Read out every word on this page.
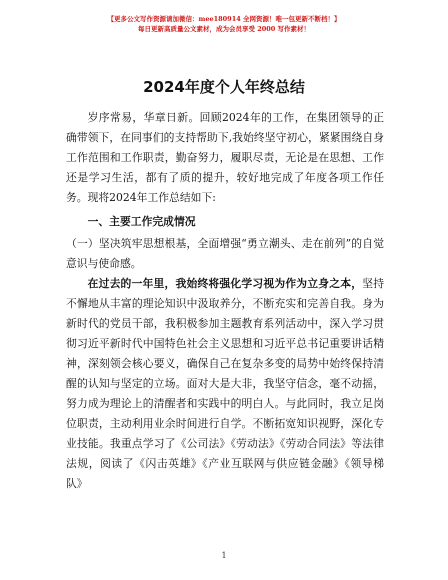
【更多公文写作资源请加微信：mee180914 全网资源！唯一包更新不断档！】
每日更新高质量公文素材，成为会员享受 2000 写作素材！
2024年度个人年终总结

岁序常易，华章日新。回顾2024年的工作，在集团领导的正确带领下，在同事们的支持帮助下,我始终坚守初心，紧紧围绕自身工作范围和工作职责，勤奋努力，履职尽责，无论是在思想、工作还是学习生活，都有了质的提升，较好地完成了年度各项工作任务。现将2024年工作总结如下:

一、主要工作完成情况

（一）坚决筑牢思想根基，全面增强“勇立潮头、走在前列”的自觉意识与使命感。

在过去的一年里，我始终将强化学习视为作为立身之本，坚持不懈地从丰富的理论知识中汲取养分，不断充实和完善自我。身为新时代的党员干部，我积极参加主题教育系列活动中，深入学习贯彻习近平新时代中国特色社会主义思想和习近平总书记重要讲话精神，深刻领会核心要义，确保自己在复杂多变的局势中始终保持清醒的认知与坚定的立场。面对大是大非，我坚守信念，毫不动摇，努力成为理论上的清醒者和实践中的明白人。与此同时，我立足岗位职责，主动利用业余时间进行自学。不断拓宽知识视野，深化专业技能。我重点学习了《公司法》《劳动法》《劳动合同法》等法律法规，阅读了《闪击英雄》《产业互联网与供应链金融》《领导梯队》

1
